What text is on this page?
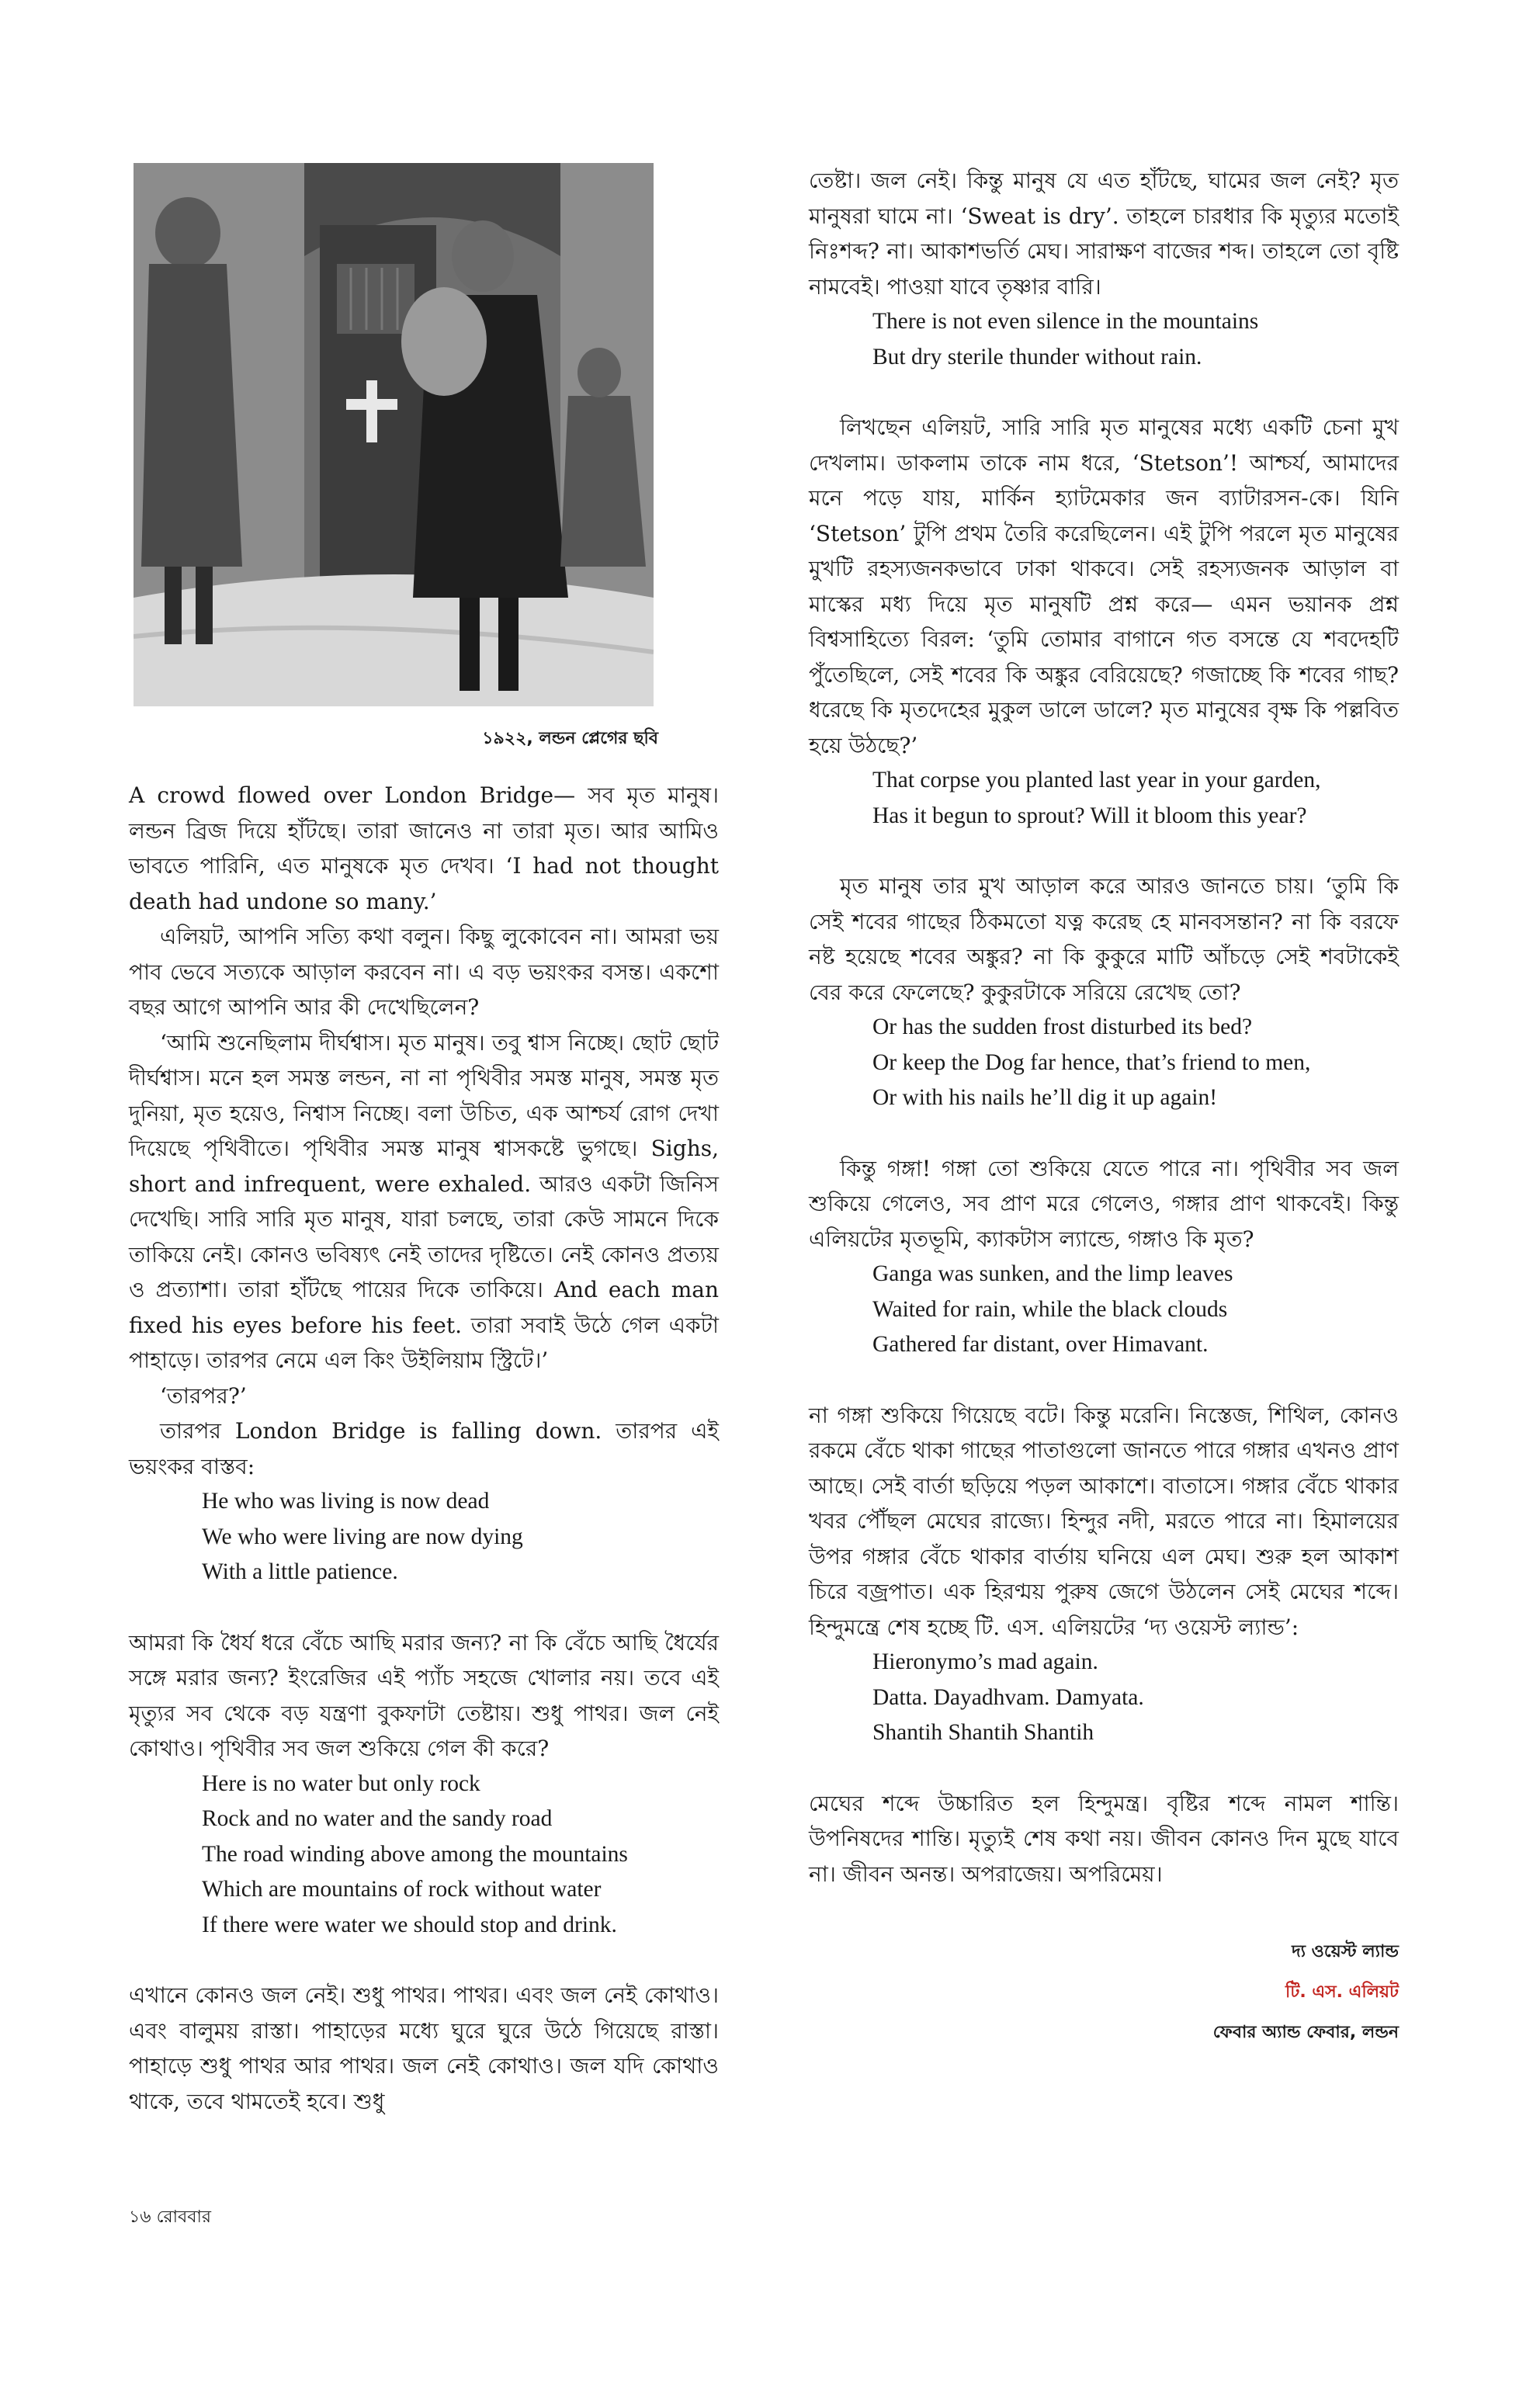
১৯২২, লন্ডন প্লেগের ছবি

A crowd flowed over London Bridge— সব মৃত মানুষ। লন্ডন ব্রিজ দিয়ে হাঁটছে। তারা জানেও না তারা মৃত। আর আমিও ভাবতে পারিনি, এত মানুষকে মৃত দেখব। ‘I had not thought death had undone so many.’

এলিয়ট, আপনি সত্যি কথা বলুন। কিছু লুকোবেন না। আমরা ভয় পাব ভেবে সত্যকে আড়াল করবেন না। এ বড় ভয়ংকর বসন্ত। একশো বছর আগে আপনি আর কী দেখেছিলেন?

‘আমি শুনেছিলাম দীর্ঘশ্বাস। মৃত মানুষ। তবু শ্বাস নিচ্ছে। ছোট ছোট দীর্ঘশ্বাস। মনে হল সমস্ত লন্ডন, না না পৃথিবীর সমস্ত মানুষ, সমস্ত মৃত দুনিয়া, মৃত হয়েও, নিশ্বাস নিচ্ছে। বলা উচিত, এক আশ্চর্য রোগ দেখা দিয়েছে পৃথিবীতে। পৃথিবীর সমস্ত মানুষ শ্বাসকষ্টে ভুগছে। Sighs, short and infrequent, were exhaled. আরও একটা জিনিস দেখেছি। সারি সারি মৃত মানুষ, যারা চলছে, তারা কেউ সামনে দিকে তাকিয়ে নেই। কোনও ভবিষ্যৎ নেই তাদের দৃষ্টিতে। নেই কোনও প্রত্যয় ও প্রত্যাশা। তারা হাঁটছে পায়ের দিকে তাকিয়ে। And each man fixed his eyes before his feet. তারা সবাই উঠে গেল একটা পাহাড়ে। তারপর নেমে এল কিং উইলিয়াম স্ট্রিটে।’

‘তারপর?’

তারপর London Bridge is falling down. তারপর এই ভয়ংকর বাস্তব:

He who was living is now dead
We who were living are now dying
With a little patience.

আমরা কি ধৈর্য ধরে বেঁচে আছি মরার জন্য? না কি বেঁচে আছি ধৈর্যের সঙ্গে মরার জন্য? ইংরেজির এই প্যাঁচ সহজে খোলার নয়। তবে এই মৃত্যুর সব থেকে বড় যন্ত্রণা বুকফাটা তেষ্টায়। শুধু পাথর। জল নেই কোথাও। পৃথিবীর সব জল শুকিয়ে গেল কী করে?

Here is no water but only rock
Rock and no water and the sandy road
The road winding above among the mountains
Which are mountains of rock without water
If there were water we should stop and drink.

এখানে কোনও জল নেই। শুধু পাথর। পাথর। এবং জল নেই কোথাও। এবং বালুময় রাস্তা। পাহাড়ের মধ্যে ঘুরে ঘুরে উঠে গিয়েছে রাস্তা। পাহাড়ে শুধু পাথর আর পাথর। জল নেই কোথাও। জল যদি কোথাও থাকে, তবে থামতেই হবে। শুধু

তেষ্টা। জল নেই। কিন্তু মানুষ যে এত হাঁটছে, ঘামের জল নেই? মৃত মানুষরা ঘামে না। ‘Sweat is dry’. তাহলে চারধার কি মৃত্যুর মতোই নিঃশব্দ? না। আকাশভর্তি মেঘ। সারাক্ষণ বাজের শব্দ। তাহলে তো বৃষ্টি নামবেই। পাওয়া যাবে তৃষ্ণার বারি।

There is not even silence in the mountains
But dry sterile thunder without rain.

লিখছেন এলিয়ট, সারি সারি মৃত মানুষের মধ্যে একটি চেনা মুখ দেখলাম। ডাকলাম তাকে নাম ধরে, ‘Stetson’! আশ্চর্য, আমাদের মনে পড়ে যায়, মার্কিন হ্যাটমেকার জন ব্যাটারসন-কে। যিনি ‘Stetson’ টুপি প্রথম তৈরি করেছিলেন। এই টুপি পরলে মৃত মানুষের মুখটি রহস্যজনকভাবে ঢাকা থাকবে। সেই রহস্যজনক আড়াল বা মাস্কের মধ্য দিয়ে মৃত মানুষটি প্রশ্ন করে— এমন ভয়ানক প্রশ্ন বিশ্বসাহিত্যে বিরল: ‘তুমি তোমার বাগানে গত বসন্তে যে শবদেহটি পুঁতেছিলে, সেই শবের কি অঙ্কুর বেরিয়েছে? গজাচ্ছে কি শবের গাছ? ধরেছে কি মৃতদেহের মুকুল ডালে ডালে? মৃত মানুষের বৃক্ষ কি পল্লবিত হয়ে উঠছে?’

That corpse you planted last year in your garden,
Has it begun to sprout? Will it bloom this year?

মৃত মানুষ তার মুখ আড়াল করে আরও জানতে চায়। ‘তুমি কি সেই শবের গাছের ঠিকমতো যত্ন করেছ হে মানবসন্তান? না কি বরফে নষ্ট হয়েছে শবের অঙ্কুর? না কি কুকুরে মাটি আঁচড়ে সেই শবটাকেই বের করে ফেলেছে? কুকুরটাকে সরিয়ে রেখেছ তো?

Or has the sudden frost disturbed its bed?
Or keep the Dog far hence, that’s friend to men,
Or with his nails he’ll dig it up again!

কিন্তু গঙ্গা! গঙ্গা তো শুকিয়ে যেতে পারে না। পৃথিবীর সব জল শুকিয়ে গেলেও, সব প্রাণ মরে গেলেও, গঙ্গার প্রাণ থাকবেই। কিন্তু এলিয়টের মৃতভূমি, ক্যাকটাস ল্যান্ডে, গঙ্গাও কি মৃত?

Ganga was sunken, and the limp leaves
Waited for rain, while the black clouds
Gathered far distant, over Himavant.

না গঙ্গা শুকিয়ে গিয়েছে বটে। কিন্তু মরেনি। নিস্তেজ, শিথিল, কোনও রকমে বেঁচে থাকা গাছের পাতাগুলো জানতে পারে গঙ্গার এখনও প্রাণ আছে। সেই বার্তা ছড়িয়ে পড়ল আকাশে। বাতাসে। গঙ্গার বেঁচে থাকার খবর পৌঁছল মেঘের রাজ্যে। হিন্দুর নদী, মরতে পারে না। হিমালয়ের উপর গঙ্গার বেঁচে থাকার বার্তায় ঘনিয়ে এল মেঘ। শুরু হল আকাশ চিরে বজ্রপাত। এক হিরণ্ময় পুরুষ জেগে উঠলেন সেই মেঘের শব্দে। হিন্দুমন্ত্রে শেষ হচ্ছে টি. এস. এলিয়টের ‘দ্য ওয়েস্ট ল্যান্ড’:

Hieronymo’s mad again.
Datta. Dayadhvam. Damyata.
Shantih Shantih Shantih

মেঘের শব্দে উচ্চারিত হল হিন্দুমন্ত্র। বৃষ্টির শব্দে নামল শান্তি। উপনিষদের শান্তি। মৃত্যুই শেষ কথা নয়। জীবন কোনও দিন মুছে যাবে না। জীবন অনন্ত। অপরাজেয়। অপরিমেয়।

দ্য ওয়েস্ট ল্যান্ড
টি. এস. এলিয়ট
ফেবার অ্যান্ড ফেবার, লন্ডন
১৬ রোববার
